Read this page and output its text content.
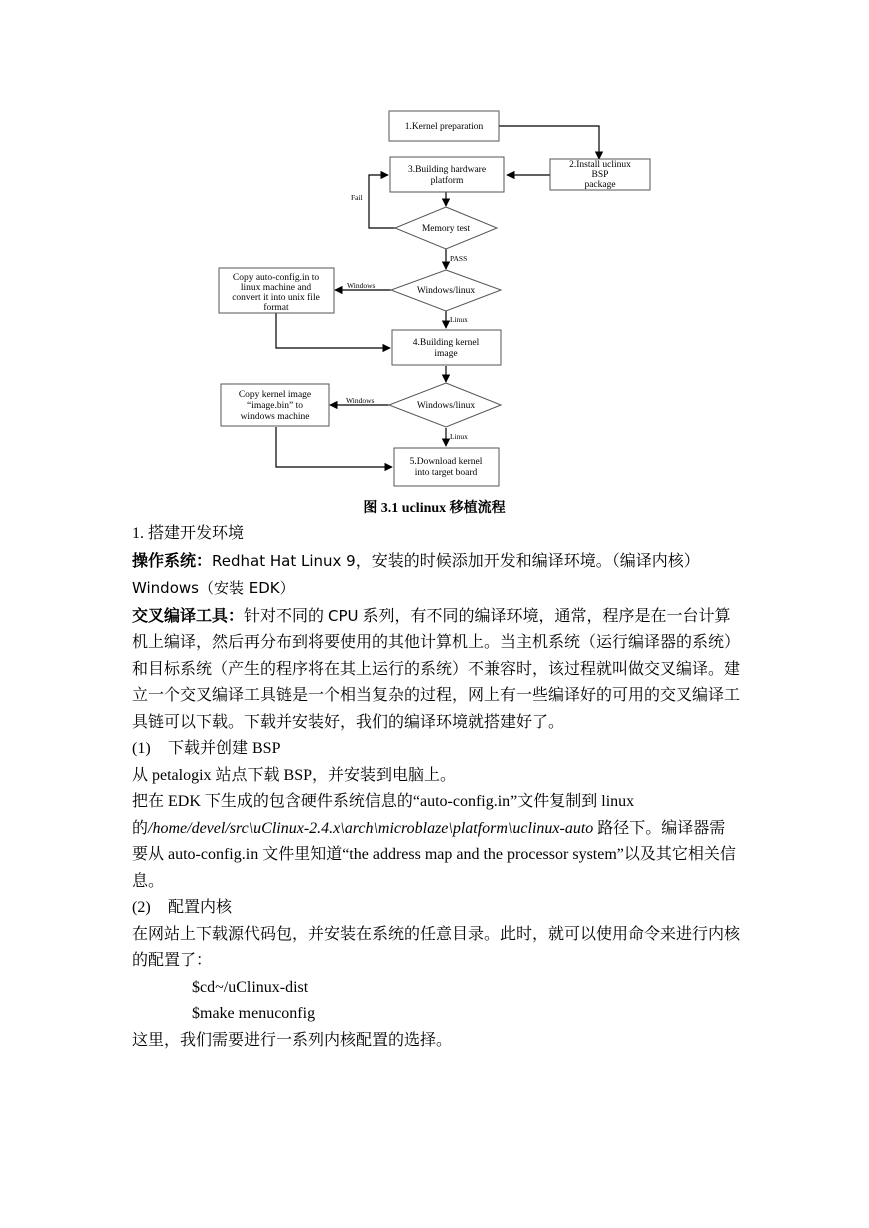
1.Kernel preparation
2.Install uclinux
BSP
package
3.Building hardware
platform
Memory test
Windows/linux
Copy auto-config.in to
linux machine and
convert it into unix file
format
4.Building kernel
image
Windows/linux
Copy kernel image
“image.bin” to
windows machine
5.Download kernel
into target board
Fail
PASS
Windows
Linux
Windows
Linux
图 3.1 uclinux 移植流程

1. 搭建开发环境

操作系统：Redhat Hat Linux 9，安装的时候添加开发和编译环境。（编译内核）Windows（安装 EDK）

交叉编译工具：针对不同的 CPU 系列，有不同的编译环境，通常，程序是在一台计算机上编译，然后再分布到将要使用的其他计算机上。当主机系统（运行编译器的系统）和目标系统（产生的程序将在其上运行的系统）不兼容时，该过程就叫做交叉编译。建立一个交叉编译工具链是一个相当复杂的过程，网上有一些编译好的可用的交叉编译工具链可以下载。下载并安装好，我们的编译环境就搭建好了。

(1) 下载并创建 BSP

从 petalogix 站点下载 BSP，并安装到电脑上。

把在 EDK 下生成的包含硬件系统信息的“auto-config.in”文件复制到 linux 的/home/devel/src\uClinux-2.4.x\arch\microblaze\platform\uclinux-auto 路径下。编译器需要从 auto-config.in 文件里知道“the address map and the processor system”以及其它相关信息。

(2) 配置内核

在网站上下载源代码包，并安装在系统的任意目录。此时，就可以使用命令来进行内核的配置了：

$cd~/uClinux-dist

$make menuconfig

这里，我们需要进行一系列内核配置的选择。
